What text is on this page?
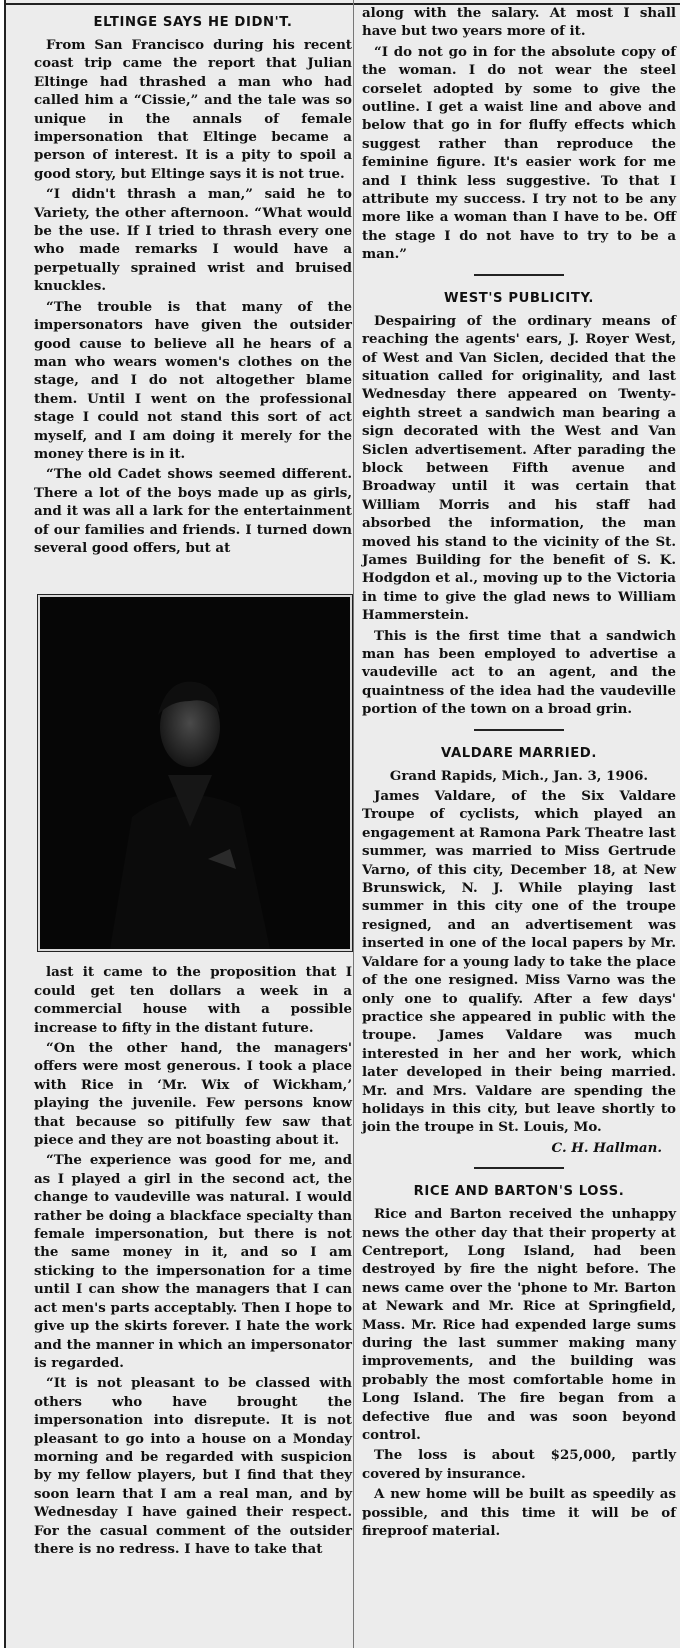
ELTINGE SAYS HE DIDN'T.

From San Francisco during his recent coast trip came the report that Julian Eltinge had thrashed a man who had called him a “Cissie,” and the tale was so unique in the annals of female impersonation that Eltinge became a person of interest. It is a pity to spoil a good story, but Eltinge says it is not true.

“I didn't thrash a man,” said he to Variety, the other afternoon. “What would be the use. If I tried to thrash every one who made remarks I would have a perpetually sprained wrist and bruised knuckles.

“The trouble is that many of the impersonators have given the outsider good cause to believe all he hears of a man who wears women's clothes on the stage, and I do not altogether blame them. Until I went on the professional stage I could not stand this sort of act myself, and I am doing it merely for the money there is in it.

“The old Cadet shows seemed different. There a lot of the boys made up as girls, and it was all a lark for the entertainment of our families and friends. I turned down several good offers, but at

last it came to the proposition that I could get ten dollars a week in a commercial house with a possible increase to fifty in the distant future.

“On the other hand, the managers' offers were most generous. I took a place with Rice in ‘Mr. Wix of Wickham,’ playing the juvenile. Few persons know that because so pitifully few saw that piece and they are not boasting about it.

“The experience was good for me, and as I played a girl in the second act, the change to vaudeville was natural. I would rather be doing a blackface specialty than female impersonation, but there is not the same money in it, and so I am sticking to the impersonation for a time until I can show the managers that I can act men's parts acceptably. Then I hope to give up the skirts forever. I hate the work and the manner in which an impersonator is regarded.

“It is not pleasant to be classed with others who have brought the impersonation into disrepute. It is not pleasant to go into a house on a Monday morning and be regarded with suspicion by my fellow players, but I find that they soon learn that I am a real man, and by Wednesday I have gained their respect. For the casual comment of the outsider there is no redress. I have to take that

along with the salary. At most I shall have but two years more of it.

“I do not go in for the absolute copy of the woman. I do not wear the steel corselet adopted by some to give the outline. I get a waist line and above and below that go in for fluffy effects which suggest rather than reproduce the feminine figure. It's easier work for me and I think less suggestive. To that I attribute my success. I try not to be any more like a woman than I have to be. Off the stage I do not have to try to be a man.”

WEST'S PUBLICITY.

Despairing of the ordinary means of reaching the agents' ears, J. Royer West, of West and Van Siclen, decided that the situation called for originality, and last Wednesday there appeared on Twenty-eighth street a sandwich man bearing a sign decorated with the West and Van Siclen advertisement. After parading the block between Fifth avenue and Broadway until it was certain that William Morris and his staff had absorbed the information, the man moved his stand to the vicinity of the St. James Building for the benefit of S. K. Hodgdon et al., moving up to the Victoria in time to give the glad news to William Hammerstein.

This is the first time that a sandwich man has been employed to advertise a vaudeville act to an agent, and the quaintness of the idea had the vaudeville portion of the town on a broad grin.

VALDARE MARRIED.

Grand Rapids, Mich., Jan. 3, 1906.

James Valdare, of the Six Valdare Troupe of cyclists, which played an engagement at Ramona Park Theatre last summer, was married to Miss Gertrude Varno, of this city, December 18, at New Brunswick, N. J. While playing last summer in this city one of the troupe resigned, and an advertisement was inserted in one of the local papers by Mr. Valdare for a young lady to take the place of the one resigned. Miss Varno was the only one to qualify. After a few days' practice she appeared in public with the troupe. James Valdare was much interested in her and her work, which later developed in their being married. Mr. and Mrs. Valdare are spending the holidays in this city, but leave shortly to join the troupe in St. Louis, Mo.

C. H. Hallman.

RICE AND BARTON'S LOSS.

Rice and Barton received the unhappy news the other day that their property at Centreport, Long Island, had been destroyed by fire the night before. The news came over the 'phone to Mr. Barton at Newark and Mr. Rice at Springfield, Mass. Mr. Rice had expended large sums during the last summer making many improvements, and the building was probably the most comfortable home in Long Island. The fire began from a defective flue and was soon beyond control.

The loss is about $25,000, partly covered by insurance.

A new home will be built as speedily as possible, and this time it will be of fireproof material.
